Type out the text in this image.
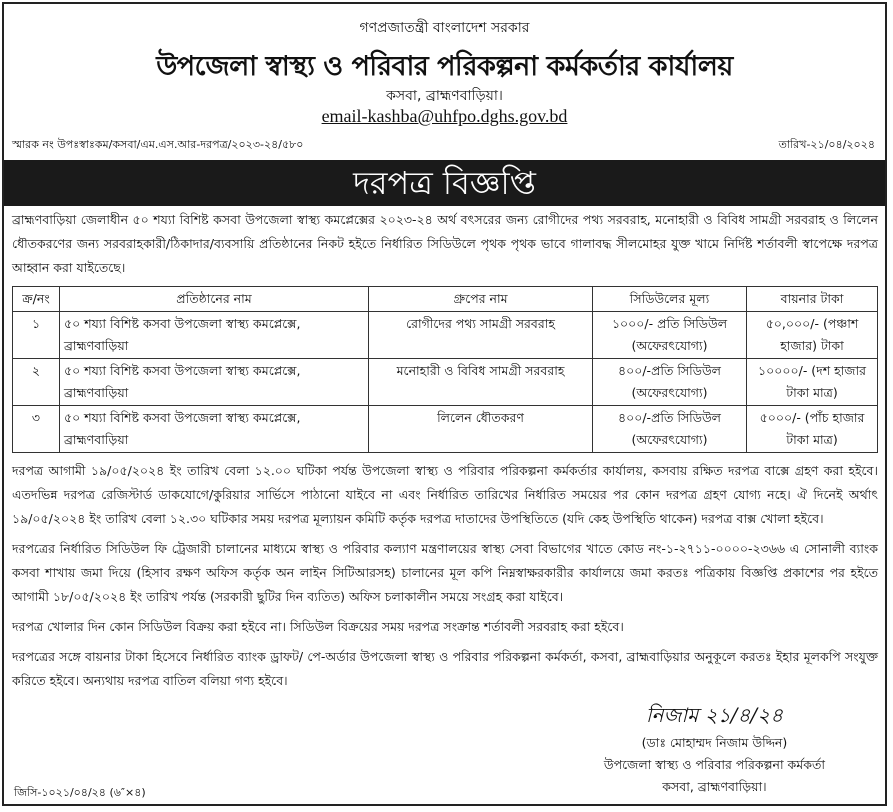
গণপ্রজাতন্ত্রী বাংলাদেশ সরকার
উপজেলা স্বাস্থ্য ও পরিবার পরিকল্পনা কর্মকর্তার কার্যালয়
কসবা, ব্রাহ্মণবাড়িয়া।
email-kashba@uhfpo.dghs.gov.bd
স্মারক নং উপঃস্বাঃকম/কসবা/এম.এস.আর-দরপত্র/২০২৩-২৪/৫৮০	তারিখ-২১/০৪/২০২৪
দরপত্র বিজ্ঞপ্তি

ব্রাহ্মণবাড়িয়া জেলাধীন ৫০ শয্যা বিশিষ্ট কসবা উপজেলা স্বাস্থ্য কমপ্লেক্সের ২০২৩-২৪ অর্থ বৎসরের জন্য রোগীদের পথ্য সরবরাহ, মনোহারী ও বিবিধ সামগ্রী সরবরাহ ও লিলেন ধৌতকরণের জন্য সরবরাহকারী/ঠিকাদার/ব্যবসায়ি প্রতিষ্ঠানের নিকট হইতে নির্ধারিত সিডিউলে পৃথক পৃথক ভাবে গালাবদ্ধ সীলমোহর যুক্ত খামে নির্দিষ্ট শর্তাবলী স্বাপেক্ষে দরপত্র আহ্বান করা যাইতেছে।

ক্র/নং	প্রতিষ্ঠানের নাম	গ্রুপের নাম	সিডিউলের মূল্য	বায়নার টাকা
১	৫০ শয্যা বিশিষ্ট কসবা উপজেলা স্বাস্থ্য কমপ্লেক্সে, ব্রাহ্মণবাড়িয়া	রোগীদের পথ্য সামগ্রী সরবরাহ	১০০০/- প্রতি সিডিউল (অফেরৎযোগ্য)	৫০,০০০/- (পঞ্চাশ হাজার) টাকা
২	৫০ শয্যা বিশিষ্ট কসবা উপজেলা স্বাস্থ্য কমপ্লেক্সে, ব্রাহ্মণবাড়িয়া	মনোহারী ও বিবিধ সামগ্রী সরবরাহ	৪০০/-প্রতি সিডিউল (অফেরৎযোগ্য)	১০০০০/- (দশ হাজার টাকা মাত্র)
৩	৫০ শয্যা বিশিষ্ট কসবা উপজেলা স্বাস্থ্য কমপ্লেক্সে, ব্রাহ্মণবাড়িয়া	লিলেন ধৌতকরণ	৪০০/-প্রতি সিডিউল (অফেরৎযোগ্য)	৫০০০/- (পাঁচ হাজার টাকা মাত্র)

দরপত্র আগামী ১৯/০৫/২০২৪ ইং তারিখ বেলা ১২.০০ ঘটিকা পর্যন্ত উপজেলা স্বাস্থ্য ও পরিবার পরিকল্পনা কর্মকর্তার কার্যালয়, কসবায় রক্ষিত দরপত্র বাক্সে গ্রহণ করা হইবে। এতদভিন্ন দরপত্র রেজিস্টার্ড ডাকযোগে/কুরিয়ার সার্ভিসে পাঠানো যাইবে না এবং নির্ধারিত তারিখের নির্ধারিত সময়ের পর কোন দরপত্র গ্রহণ যোগ্য নহে। ঐ দিনেই অর্থাৎ ১৯/০৫/২০২৪ ইং তারিখ বেলা ১২.৩০ ঘটিকার সময় দরপত্র মূল্যায়ন কমিটি কর্তৃক দরপত্র দাতাদের উপস্থিতিতে (যদি কেহ উপস্থিতি থাকেন) দরপত্র বাক্স খোলা হইবে।

দরপত্রের নির্ধারিত সিডিউল ফি ট্রেজারী চালানের মাধ্যমে স্বাস্থ্য ও পরিবার কল্যাণ মন্ত্রণালয়ের স্বাস্থ্য সেবা বিভাগের খাতে কোড নং-১-২৭১১-০০০০-২৩৬৬ এ সোনালী ব্যাংক কসবা শাখায় জমা দিয়ে (হিসাব রক্ষণ অফিস কর্তৃক অন লাইন সিটিআরসহ) চালানের মূল কপি নিম্নস্বাক্ষরকারীর কার্যালয়ে জমা করতঃ পত্রিকায় বিজ্ঞপ্তি প্রকাশের পর হইতে আগামী ১৮/০৫/২০২৪ ইং তারিখ পর্যন্ত (সরকারী ছুটির দিন ব্যতিত) অফিস চলাকালীন সময়ে সংগ্রহ করা যাইবে।

দরপত্র খোলার দিন কোন সিডিউল বিক্রয় করা হইবে না। সিডিউল বিক্রয়ের সময় দরপত্র সংক্রান্ত শর্তাবলী সরবরাহ করা হইবে।

দরপত্রের সঙ্গে বায়নার টাকা হিসেবে নির্ধারিত ব্যাংক ড্রাফট/ পে-অর্ডার উপজেলা স্বাস্থ্য ও পরিবার পরিকল্পনা কর্মকর্তা, কসবা, ব্রাহ্মবাড়িয়ার অনুকূলে করতঃ ইহার মূলকপি সংযুক্ত করিতে হইবে। অন্যথায় দরপত্র বাতিল বলিয়া গণ্য হইবে।

নিজাম ২১/৪/২৪
(ডাঃ মোহাম্মদ নিজাম উদ্দিন)
উপজেলা স্বাস্থ্য ও পরিবার পরিকল্পনা কর্মকর্তা
কসবা, ব্রাহ্মণবাড়িয়া।
জিসি-১০২১/০৪/২৪ (৬″×৪)
